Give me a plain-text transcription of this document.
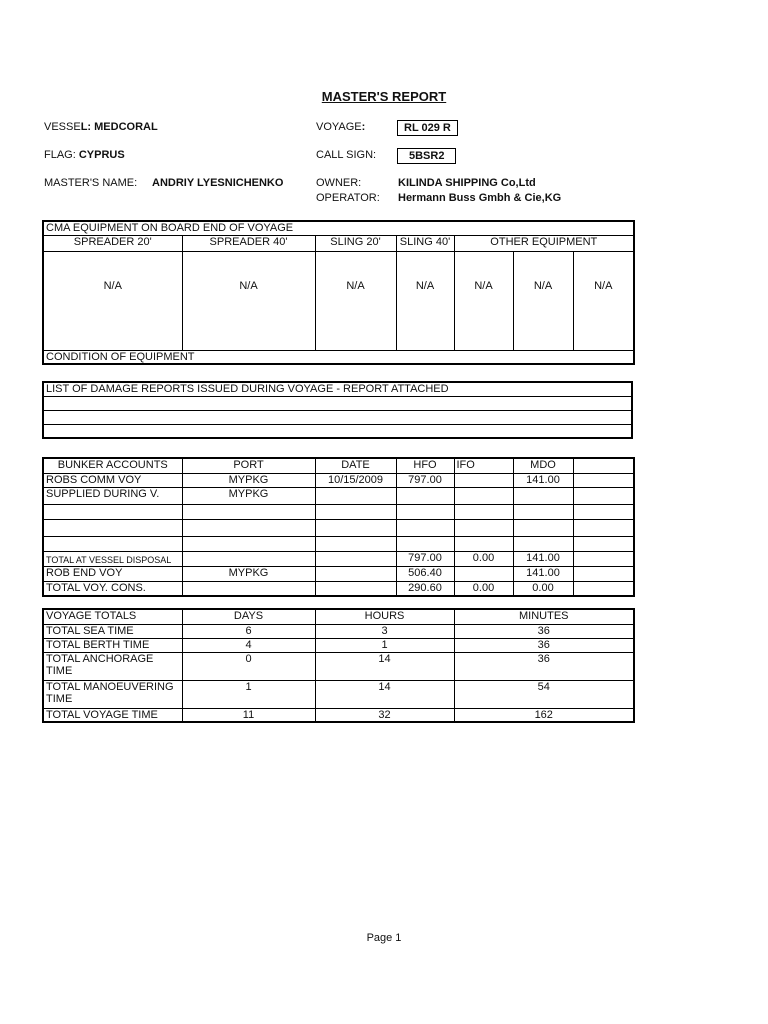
MASTER'S REPORT
VESSEL: MEDCORAL	VOYAGE:	RL 029 R
FLAG: CYPRUS	CALL SIGN:	5BSR2
MASTER'S NAME: ANDRIY LYESNICHENKO	OWNER:	KILINDA SHIPPING Co,Ltd
OPERATOR: Hermann Buss Gmbh & Cie,KG
CMA EQUIPMENT ON BOARD END OF VOYAGE						
SPREADER 20'	SPREADER 40'	SLING 20'	SLING 40'	OTHER EQUIPMENT		
N/A	N/A	N/A	N/A	N/A	N/A	N/A
CONDITION OF EQUIPMENT						
LIST OF DAMAGE REPORTS ISSUED DURING VOYAGE - REPORT ATTACHED

BUNKER ACCOUNTS	PORT	DATE	HFO	IFO	MDO	
ROBS COMM VOY	MYPKG	10/15/2009	797.00		141.00	
SUPPLIED DURING V.	MYPKG					

TOTAL AT VESSEL DISPOSAL			797.00	0.00	141.00	
ROB END VOY	MYPKG		506.40		141.00	
TOTAL VOY. CONS.			290.60	0.00	0.00	
VOYAGE TOTALS	DAYS	HOURS	MINUTES
TOTAL SEA TIME	6	3	36
TOTAL BERTH TIME	4	1	36
TOTAL ANCHORAGE TIME	0	14	36
TOTAL MANOEUVERING TIME	1	14	54
TOTAL VOYAGE TIME	11	32	162
Page 1
